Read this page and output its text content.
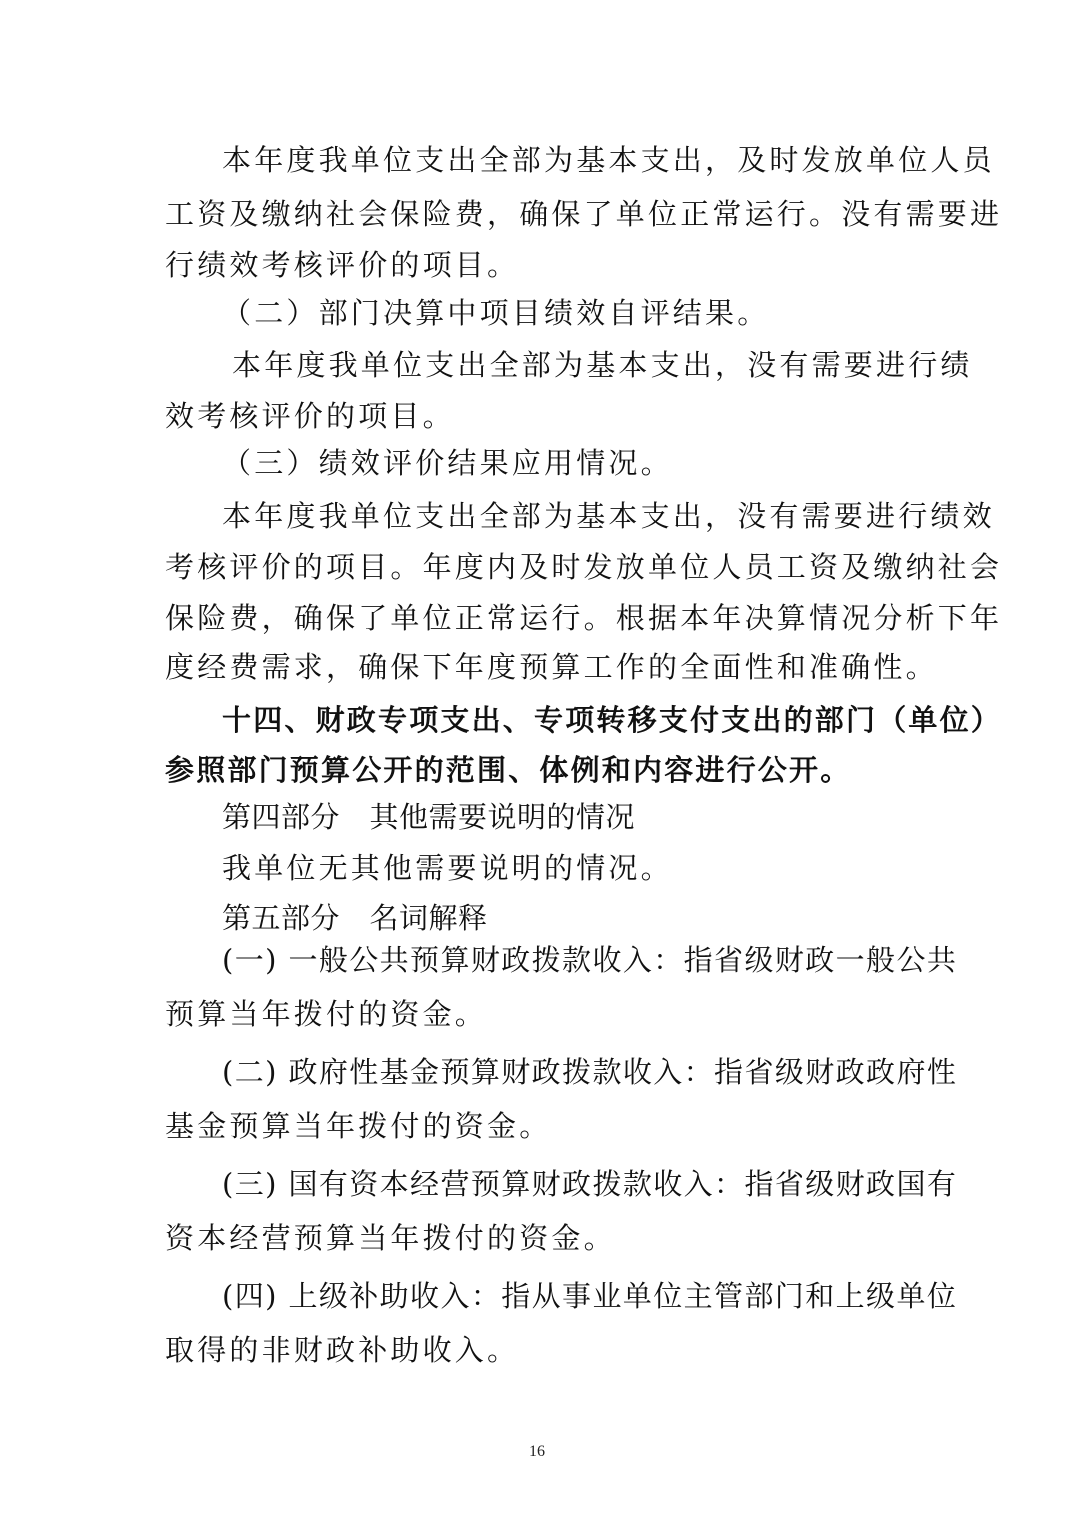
本年度我单位支出全部为基本支出，及时发放单位人员

工资及缴纳社会保险费，确保了单位正常运行。没有需要进

行绩效考核评价的项目。

（二）部门决算中项目绩效自评结果。

本年度我单位支出全部为基本支出，没有需要进行绩

效考核评价的项目。

（三）绩效评价结果应用情况。

本年度我单位支出全部为基本支出，没有需要进行绩效

考核评价的项目。年度内及时发放单位人员工资及缴纳社会

保险费，确保了单位正常运行。根据本年决算情况分析下年

度经费需求，确保下年度预算工作的全面性和准确性。

十四、财政专项支出、专项转移支付支出的部门（单位）

参照部门预算公开的范围、体例和内容进行公开。

第四部分　其他需要说明的情况

我单位无其他需要说明的情况。

第五部分　名词解释

(一) 一般公共预算财政拨款收入：指省级财政一般公共

预算当年拨付的资金。

(二) 政府性基金预算财政拨款收入：指省级财政政府性

基金预算当年拨付的资金。

(三) 国有资本经营预算财政拨款收入：指省级财政国有

资本经营预算当年拨付的资金。

(四) 上级补助收入：指从事业单位主管部门和上级单位

取得的非财政补助收入。

16
